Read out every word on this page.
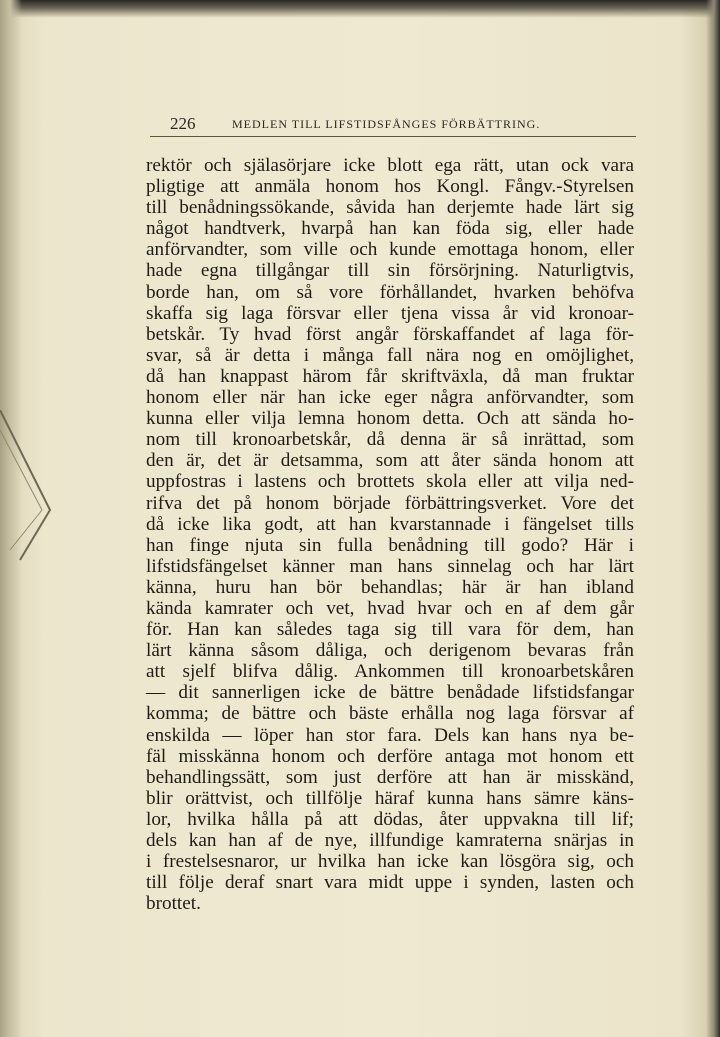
226	MEDLEN TILL LIFSTIDSFÅNGES FÖRBÄTTRING.
rektör och själasörjare icke blott ega rätt, utan ock vara
pligtige att anmäla honom hos Kongl. Fångv.-Styrelsen
till benådningssökande, såvida han derjemte hade lärt sig
något handtverk, hvarpå han kan föda sig, eller hade
anförvandter, som ville och kunde emottaga honom, eller
hade egna tillgångar till sin försörjning. Naturligtvis,
borde han, om så vore förhållandet, hvarken behöfva
skaffa sig laga försvar eller tjena vissa år vid kronoar-
betskår. Ty hvad först angår förskaffandet af laga för-
svar, så är detta i många fall nära nog en omöjlighet,
då han knappast härom får skriftväxla, då man fruktar
honom eller när han icke eger några anförvandter, som
kunna eller vilja lemna honom detta. Och att sända ho-
nom till kronoarbetskår, då denna är så inrättad, som
den är, det är detsamma, som att åter sända honom att
uppfostras i lastens och brottets skola eller att vilja ned-
rifva det på honom började förbättringsverket. Vore det
då icke lika godt, att han kvarstannade i fängelset tills
han finge njuta sin fulla benådning till godo? Här i
lifstidsfängelset känner man hans sinnelag och har lärt
känna, huru han bör behandlas; här är han ibland
kända kamrater och vet, hvad hvar och en af dem går
för. Han kan således taga sig till vara för dem, han
lärt känna såsom dåliga, och derigenom bevaras från
att sjelf blifva dålig. Ankommen till kronoarbetskåren
— dit sannerligen icke de bättre benådade lifstidsfangar
komma; de bättre och bäste erhålla nog laga försvar af
enskilda — löper han stor fara. Dels kan hans nya be-
fäl misskänna honom och derföre antaga mot honom ett
behandlingssätt, som just derföre att han är misskänd,
blir orättvist, och tillfölje häraf kunna hans sämre käns-
lor, hvilka hålla på att dödas, åter uppvakna till lif;
dels kan han af de nye, illfundige kamraterna snärjas in
i frestelsesnaror, ur hvilka han icke kan lösgöra sig, och
till följe deraf snart vara midt uppe i synden, lasten och
brottet.
